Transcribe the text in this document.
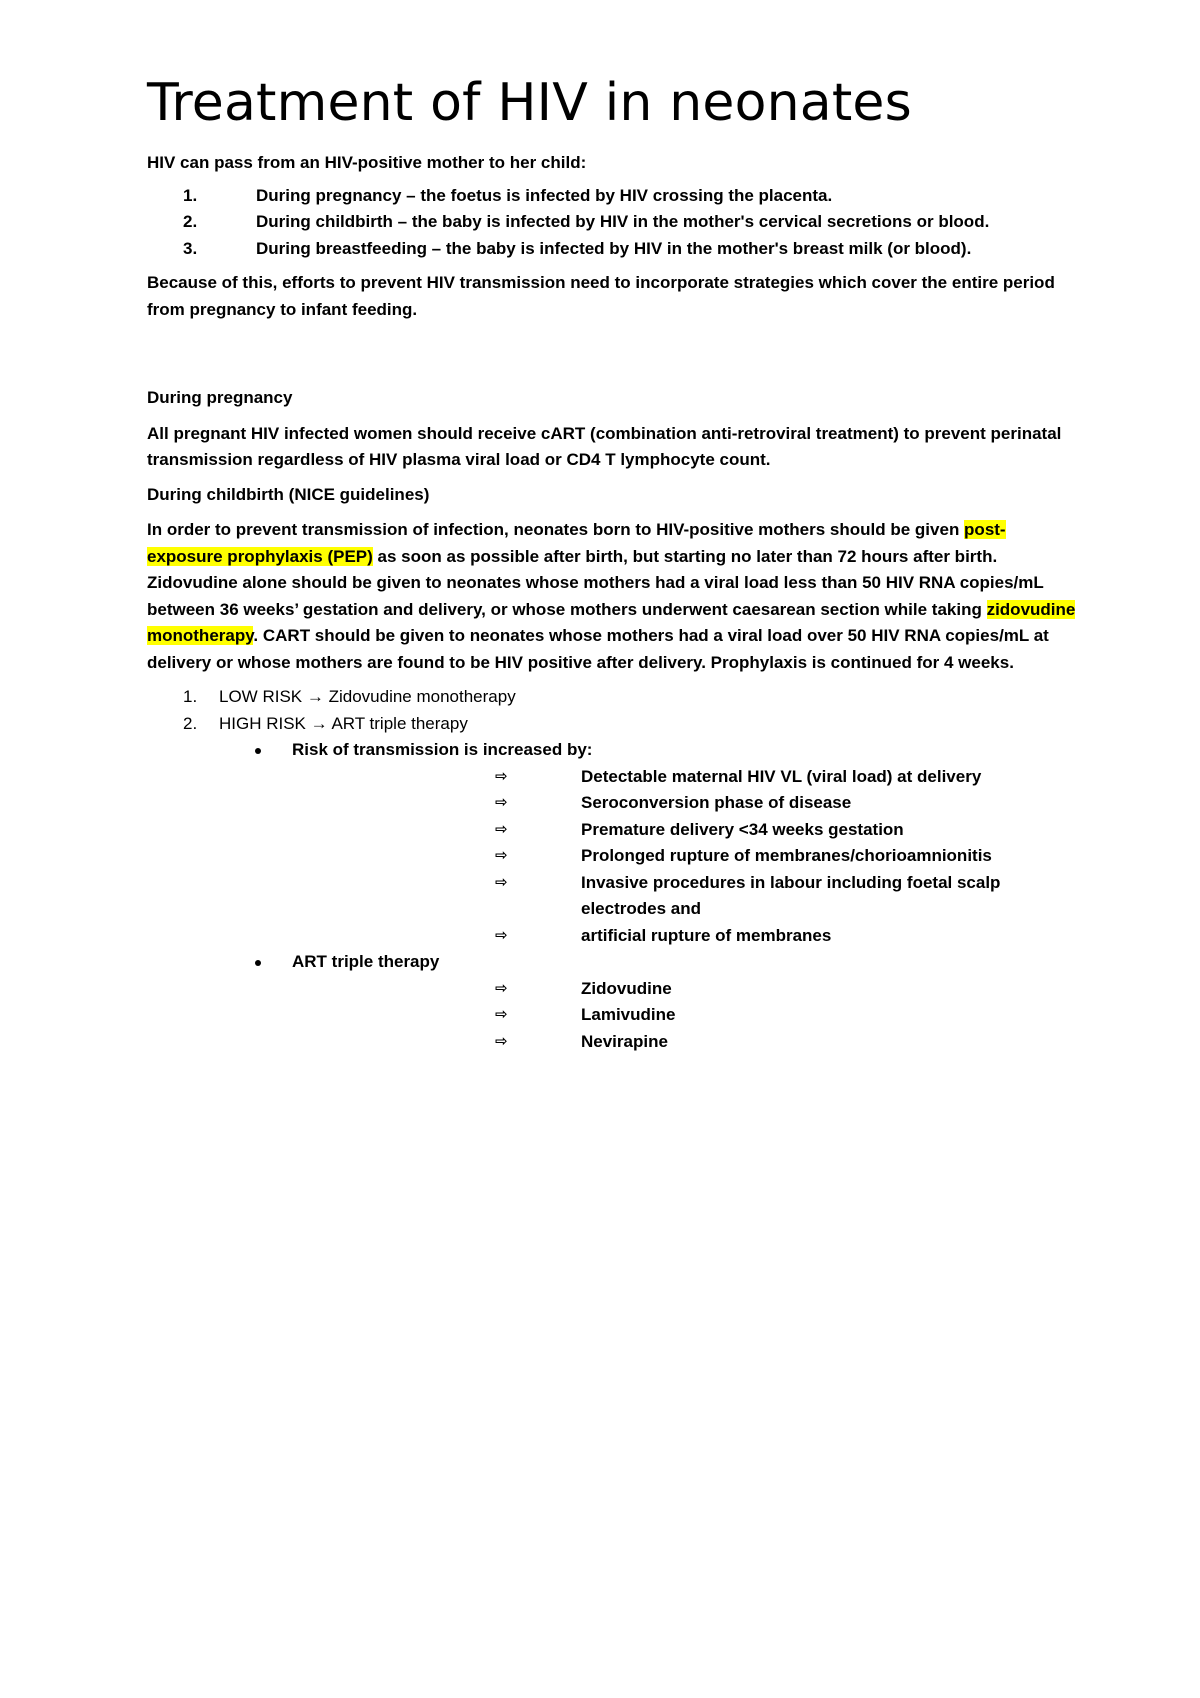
Treatment of HIV in neonates

HIV can pass from an HIV-positive mother to her child:

1.	During pregnancy – the foetus is infected by HIV crossing the placenta.
2.	During childbirth – the baby is infected by HIV in the mother's cervical secretions or blood.
3.	During breastfeeding – the baby is infected by HIV in the mother's breast milk (or blood).

Because of this, efforts to prevent HIV transmission need to incorporate strategies which cover the entire period from pregnancy to infant feeding.

During pregnancy

All pregnant HIV infected women should receive cART (combination anti-retroviral treatment) to prevent perinatal transmission regardless of HIV plasma viral load or CD4 T lymphocyte count.

During childbirth (NICE guidelines)

In order to prevent transmission of infection, neonates born to HIV-positive mothers should be given post-exposure prophylaxis (PEP) as soon as possible after birth, but starting no later than 72 hours after birth. Zidovudine alone should be given to neonates whose mothers had a viral load less than 50 HIV RNA copies/mL between 36 weeks’ gestation and delivery, or whose mothers underwent caesarean section while taking zidovudine monotherapy. CART should be given to neonates whose mothers had a viral load over 50 HIV RNA copies/mL at delivery or whose mothers are found to be HIV positive after delivery. Prophylaxis is continued for 4 weeks.

1. LOW RISK → Zidovudine monotherapy
2. HIGH RISK → ART triple therapy
Risk of transmission is increased by:
⇨	Detectable maternal HIV VL (viral load) at delivery
⇨	Seroconversion phase of disease
⇨	Premature delivery <34 weeks gestation
⇨	Prolonged rupture of membranes/chorioamnionitis
⇨	Invasive procedures in labour including foetal scalp electrodes and
⇨	artificial rupture of membranes
ART triple therapy
⇨	Zidovudine
⇨	Lamivudine
⇨	Nevirapine
